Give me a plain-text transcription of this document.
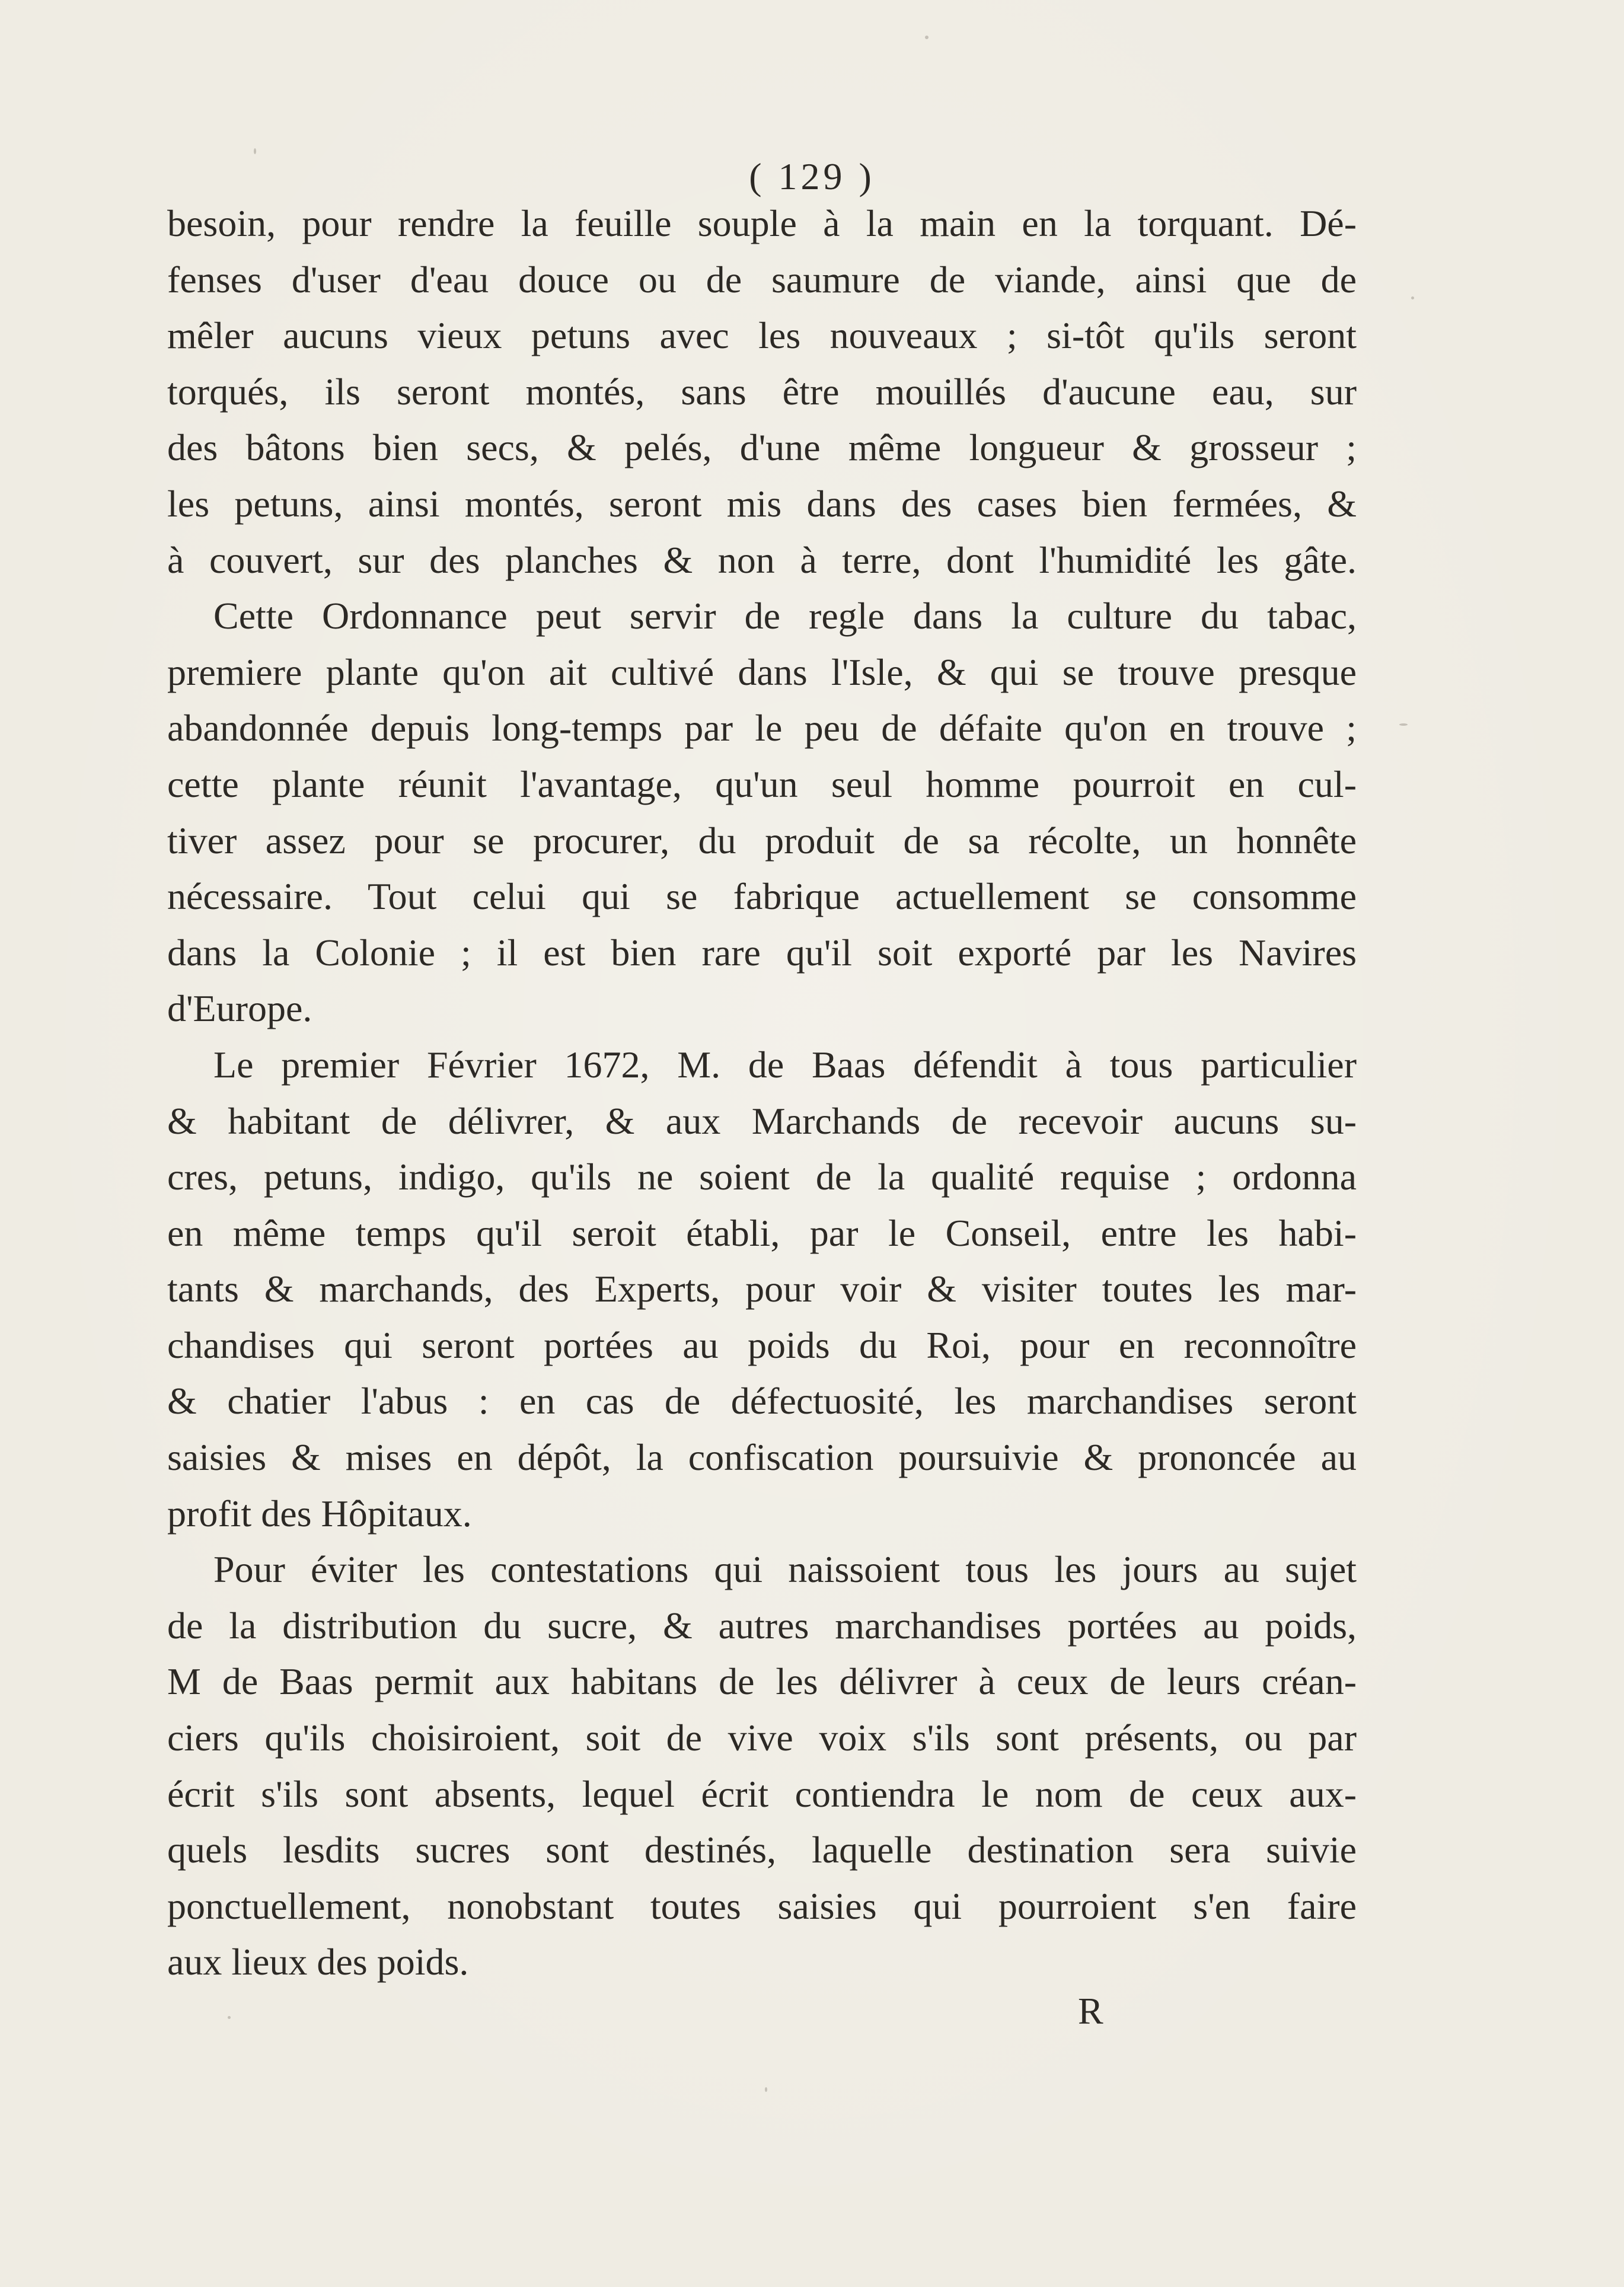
( 129 )
besoin, pour rendre la feuille souple à la main en la torquant. Dé-
fenses d'user d'eau douce ou de saumure de viande, ainsi que de
mêler aucuns vieux petuns avec les nouveaux ; si-tôt qu'ils seront
torqués, ils seront montés, sans être mouillés d'aucune eau, sur
des bâtons bien secs, & pelés, d'une même longueur & grosseur ;
les petuns, ainsi montés, seront mis dans des cases bien fermées, &
à couvert, sur des planches & non à terre, dont l'humidité les gâte.
Cette Ordonnance peut servir de regle dans la culture du tabac,
premiere plante qu'on ait cultivé dans l'Isle, & qui se trouve presque
abandonnée depuis long-temps par le peu de défaite qu'on en trouve ;
cette plante réunit l'avantage, qu'un seul homme pourroit en cul-
tiver assez pour se procurer, du produit de sa récolte, un honnête
nécessaire. Tout celui qui se fabrique actuellement se consomme
dans la Colonie ; il est bien rare qu'il soit exporté par les Navires
d'Europe.
Le premier Février 1672, M. de Baas défendit à tous particulier
& habitant de délivrer, & aux Marchands de recevoir aucuns su-
cres, petuns, indigo, qu'ils ne soient de la qualité requise ; ordonna
en même temps qu'il seroit établi, par le Conseil, entre les habi-
tants & marchands, des Experts, pour voir & visiter toutes les mar-
chandises qui seront portées au poids du Roi, pour en reconnoître
& chatier l'abus : en cas de défectuosité, les marchandises seront
saisies & mises en dépôt, la confiscation poursuivie & prononcée au
profit des Hôpitaux.
Pour éviter les contestations qui naissoient tous les jours au sujet
de la distribution du sucre, & autres marchandises portées au poids,
M de Baas permit aux habitans de les délivrer à ceux de leurs créan-
ciers qu'ils choisiroient, soit de vive voix s'ils sont présents, ou par
écrit s'ils sont absents, lequel écrit contiendra le nom de ceux aux-
quels lesdits sucres sont destinés, laquelle destination sera suivie
ponctuellement, nonobstant toutes saisies qui pourroient s'en faire
aux lieux des poids.
R
